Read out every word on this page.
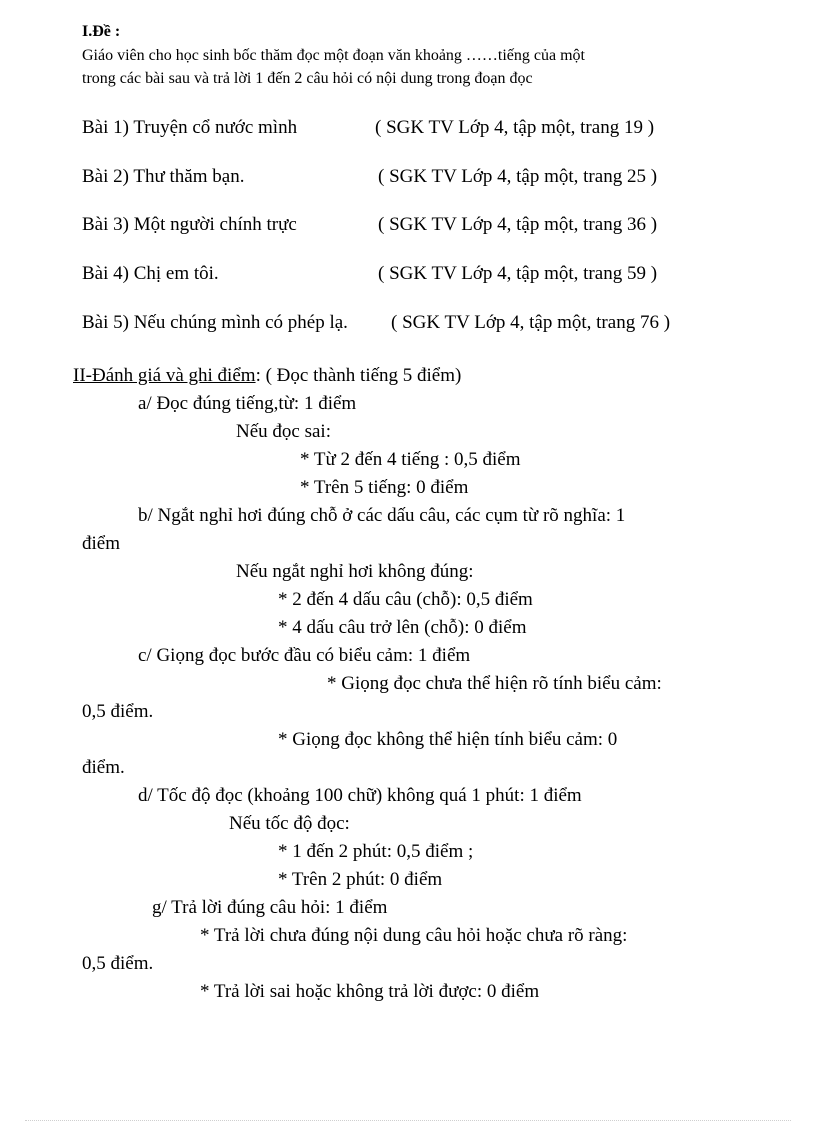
I.Đề :
Giáo viên cho học sinh bốc thăm đọc một đoạn văn khoảng ……tiếng của một
trong các bài sau và trả lời 1 đến 2 câu hỏi có nội dung trong đoạn đọc
Bài 1) Truyện cổ nước mình	( SGK TV Lớp 4, tập một, trang 19 )
Bài 2) Thư thăm bạn.	( SGK TV Lớp 4, tập một, trang 25 )
Bài 3) Một người chính trực	( SGK TV Lớp 4, tập một, trang 36 )
Bài 4) Chị em tôi.	( SGK TV Lớp 4, tập một, trang 59 )
Bài 5) Nếu chúng mình có phép lạ. ( SGK TV Lớp 4, tập một, trang 76 )
II-Đánh giá và ghi điểm: ( Đọc thành tiếng 5 điểm)
a/ Đọc đúng tiếng,từ: 1 điểm
Nếu đọc sai:
* Từ 2 đến 4 tiếng : 0,5 điểm
* Trên 5 tiếng: 0 điểm
b/ Ngắt nghỉ hơi đúng chỗ ở các dấu câu, các cụm từ rõ nghĩa: 1
điểm
Nếu ngắt nghỉ hơi không đúng:
* 2 đến 4 dấu câu (chỗ): 0,5 điểm
* 4 dấu câu trở lên (chỗ): 0 điểm
c/ Giọng đọc bước đầu có biểu cảm: 1 điểm
* Giọng đọc chưa thể hiện rõ tính biểu cảm:
0,5 điểm.
* Giọng đọc không thể hiện tính biểu cảm: 0
điểm.
d/ Tốc độ đọc (khoảng 100 chữ) không quá 1 phút: 1 điểm
Nếu tốc độ đọc:
* 1 đến 2 phút: 0,5 điểm ;
* Trên 2 phút: 0 điểm
g/ Trả lời đúng câu hỏi: 1 điểm
* Trả lời chưa đúng nội dung câu hỏi hoặc chưa rõ ràng:
0,5 điểm.
* Trả lời sai hoặc không trả lời được: 0 điểm
